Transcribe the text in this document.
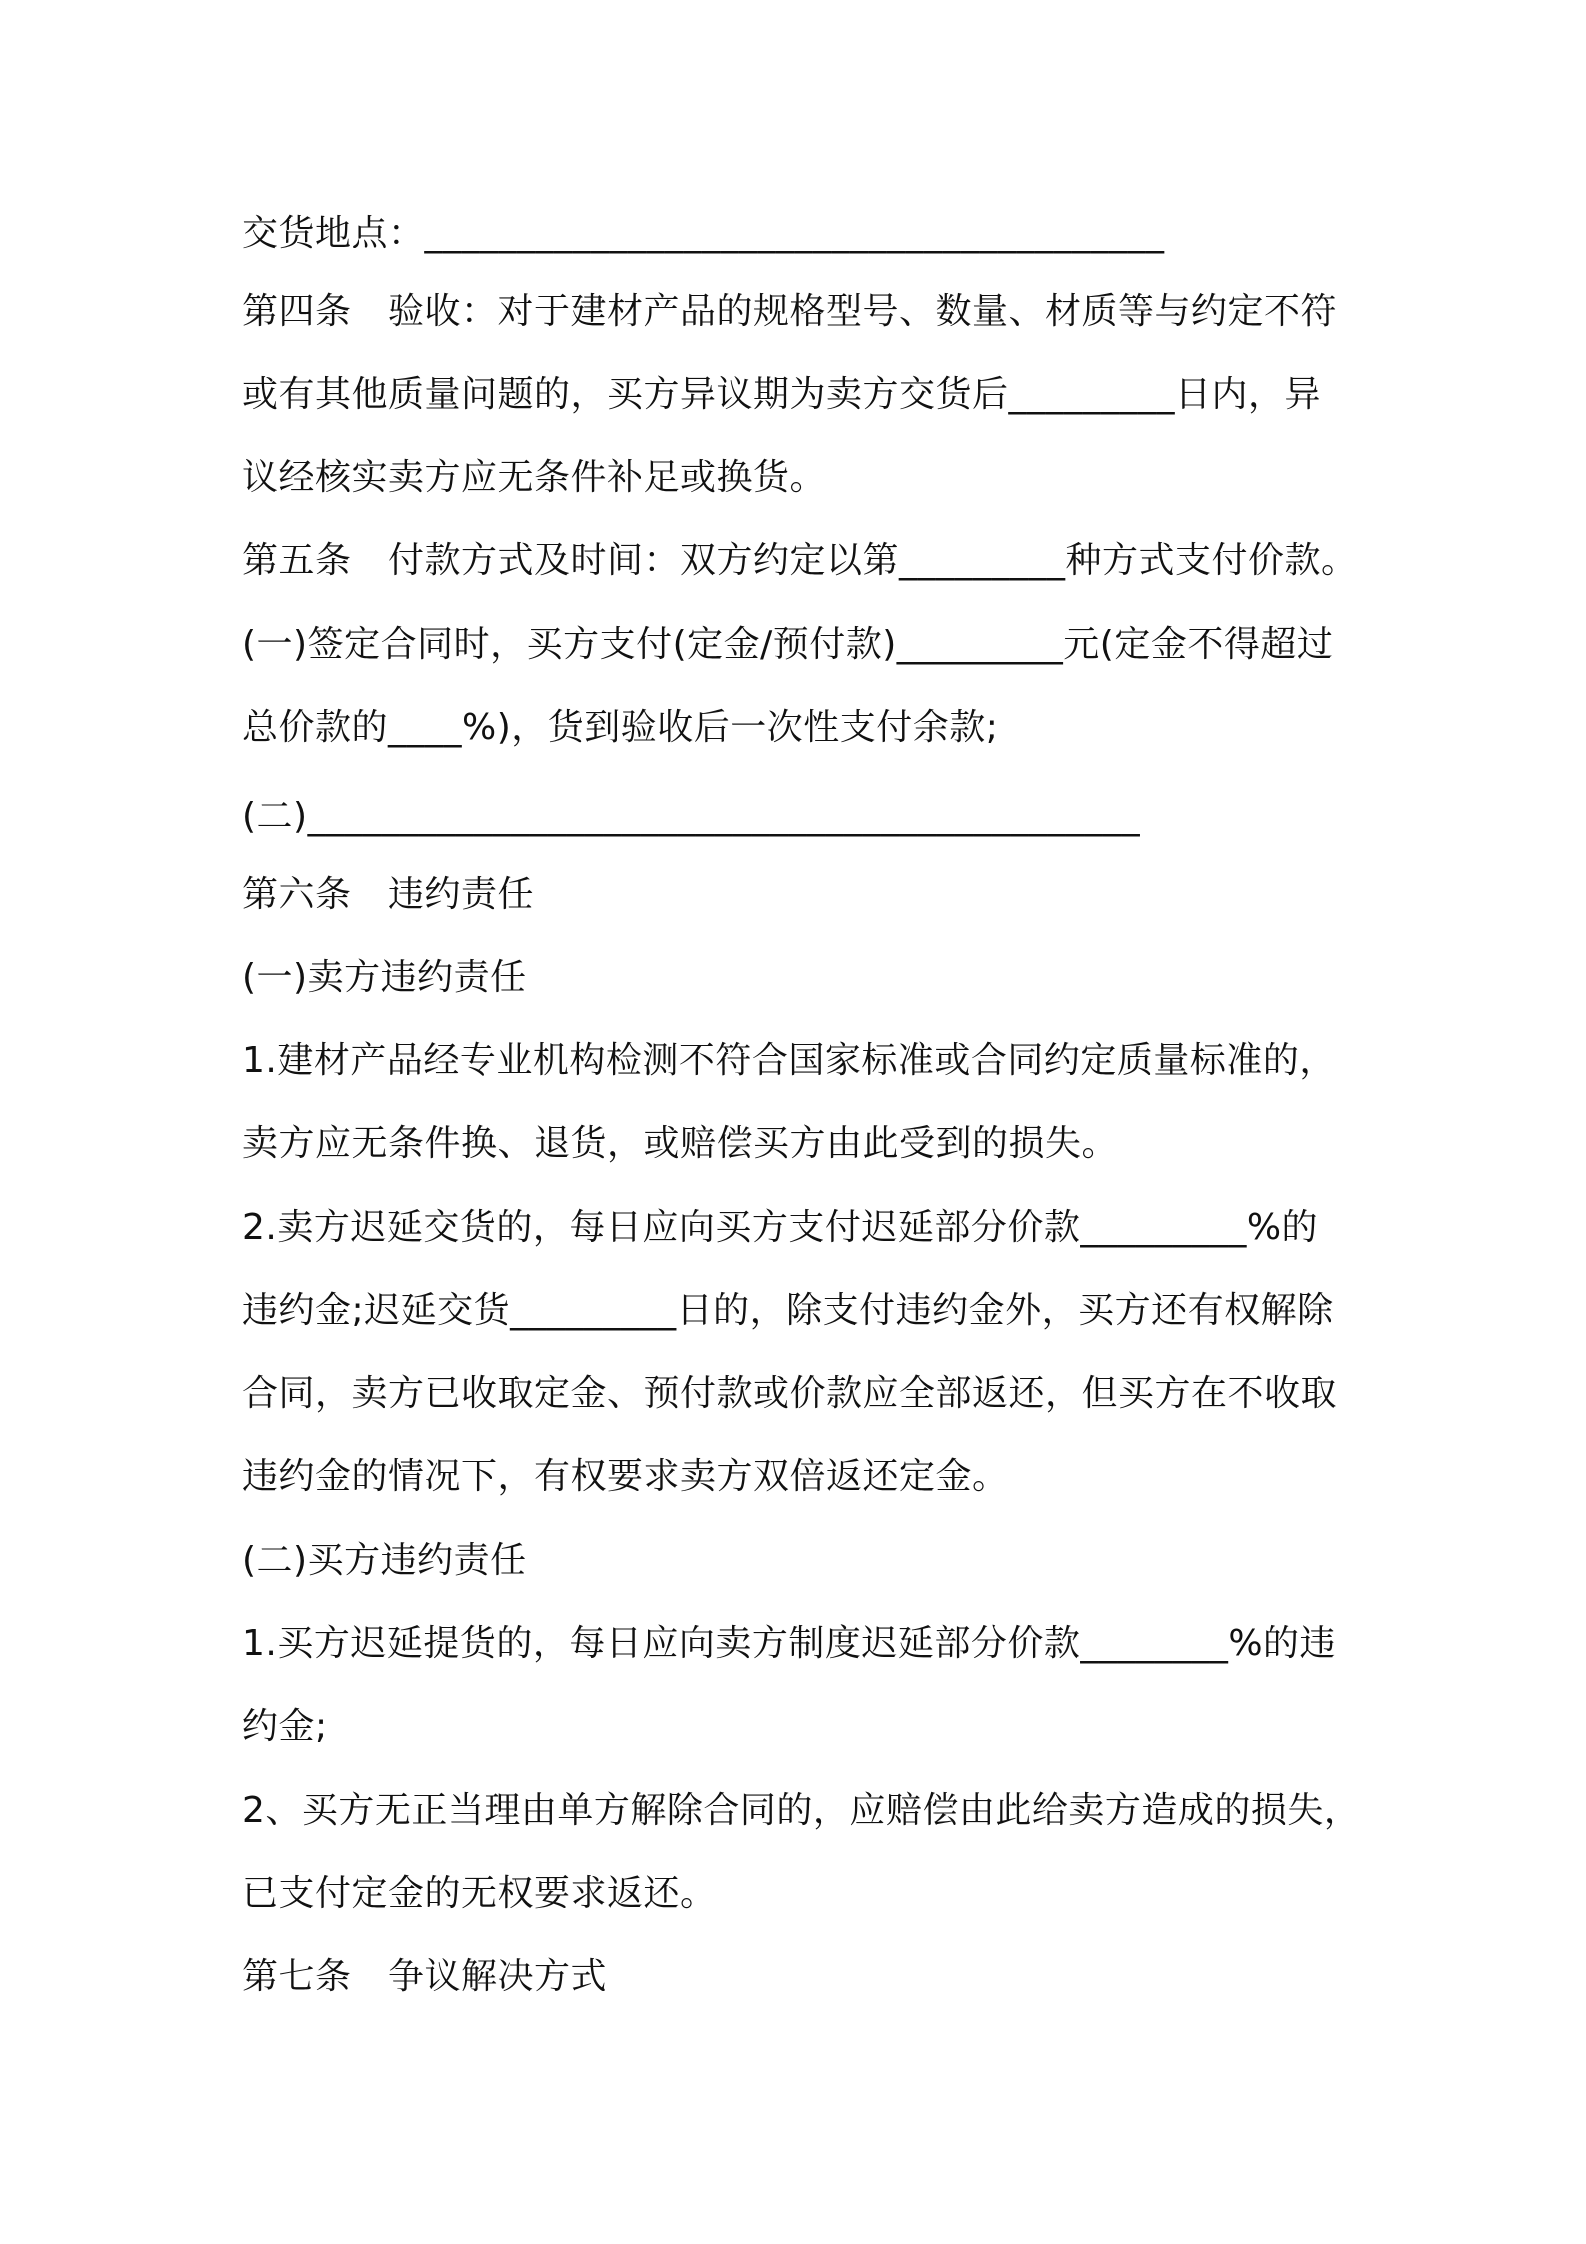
交货地点：________________________________________
第四条　验收：对于建材产品的规格型号、数量、材质等与约定不符
或有其他质量问题的，买方异议期为卖方交货后_________日内，异
议经核实卖方应无条件补足或换货。
第五条　付款方式及时间：双方约定以第_________种方式支付价款。
(一)签定合同时，买方支付(定金/预付款)_________元(定金不得超过
总价款的____%)，货到验收后一次性支付余款;
(二)_____________________________________________
第六条　违约责任
(一)卖方违约责任
1.建材产品经专业机构检测不符合国家标准或合同约定质量标准的，
卖方应无条件换、退货，或赔偿买方由此受到的损失。
2.卖方迟延交货的，每日应向买方支付迟延部分价款_________%的
违约金;迟延交货_________日的，除支付违约金外，买方还有权解除
合同，卖方已收取定金、预付款或价款应全部返还，但买方在不收取
违约金的情况下，有权要求卖方双倍返还定金。
(二)买方违约责任
1.买方迟延提货的，每日应向卖方制度迟延部分价款________%的违
约金;
2、买方无正当理由单方解除合同的，应赔偿由此给卖方造成的损失，
已支付定金的无权要求返还。
第七条　争议解决方式
